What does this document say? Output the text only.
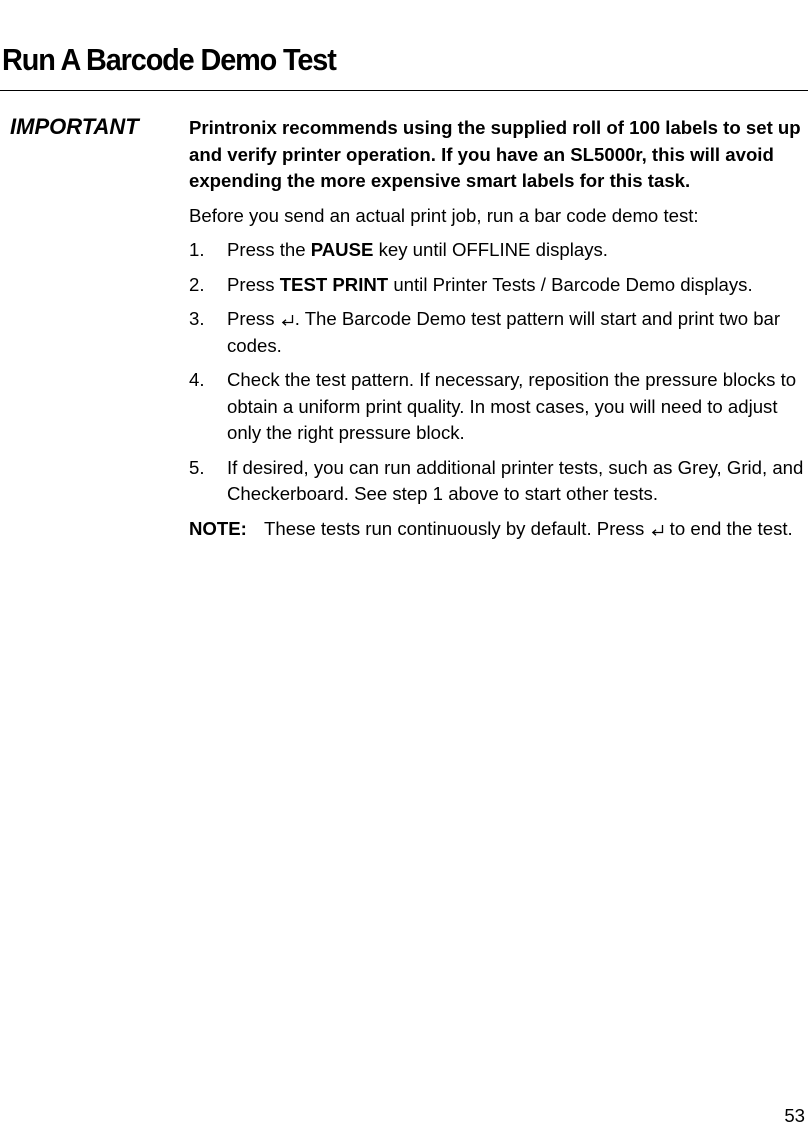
Run A Barcode Demo Test
IMPORTANT	Printronix recommends using the supplied roll of 100 labels to set up and verify printer operation. If you have an SL5000r, this will avoid expending the more expensive smart labels for this task.

Before you send an actual print job, run a bar code demo test:

1.	Press the PAUSE key until OFFLINE displays.
2.	Press TEST PRINT until Printer Tests / Barcode Demo displays.
3.	Press . The Barcode Demo test pattern will start and print two bar codes.
4.	Check the test pattern. If necessary, reposition the pressure blocks to obtain a uniform print quality. In most cases, you will need to adjust only the right pressure block.
5.	If desired, you can run additional printer tests, such as Grey, Grid, and Checkerboard. See step 1 above to start other tests.
NOTE: These tests run continuously by default. Press  to end the test.
53
